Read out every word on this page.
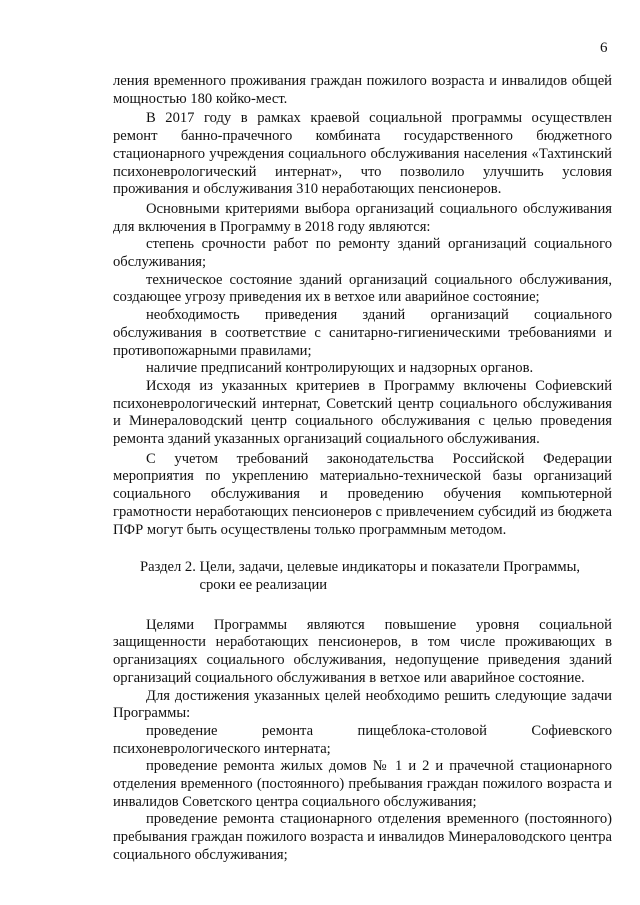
6

ления временного проживания граждан пожилого возраста и инвалидов общей мощностью 180 койко-мест.

В 2017 году в рамках краевой социальной программы осуществлен ремонт банно-прачечного комбината государственного бюджетного стационарного учреждения социального обслуживания населения «Тахтинский психоневрологический интернат», что позволило улучшить условия проживания и обслуживания 310 неработающих пенсионеров.

Основными критериями выбора организаций социального обслуживания для включения в Программу в 2018 году являются:

степень срочности работ по ремонту зданий организаций социального обслуживания;

техническое состояние зданий организаций социального обслуживания, создающее угрозу приведения их в ветхое или аварийное состояние;

необходимость приведения зданий организаций социального обслуживания в соответствие с санитарно-гигиеническими требованиями и противопожарными правилами;

наличие предписаний контролирующих и надзорных органов.

Исходя из указанных критериев в Программу включены Софиевский психоневрологический интернат, Советский центр социального обслуживания и Минераловодский центр социального обслуживания с целью проведения ремонта зданий указанных организаций социального обслуживания.

С учетом требований законодательства Российской Федерации мероприятия по укреплению материально-технической базы организаций социального обслуживания и проведению обучения компьютерной грамотности неработающих пенсионеров с привлечением субсидий из бюджета ПФР могут быть осуществлены только программным методом.

Раздел 2.
Цели, задачи, целевые индикаторы и показатели Программы, сроки ее реализации

Целями Программы являются повышение уровня социальной защищенности неработающих пенсионеров, в том числе проживающих в организациях социального обслуживания, недопущение приведения зданий организаций социального обслуживания в ветхое или аварийное состояние.

Для достижения указанных целей необходимо решить следующие задачи Программы:

проведение ремонта пищеблока-столовой Софиевского психоневрологического интерната;

проведение ремонта жилых домов № 1 и 2 и прачечной стационарного отделения временного (постоянного) пребывания граждан пожилого возраста и инвалидов Советского центра социального обслуживания;

проведение ремонта стационарного отделения временного (постоянного) пребывания граждан пожилого возраста и инвалидов Минераловодского центра социального обслуживания;
